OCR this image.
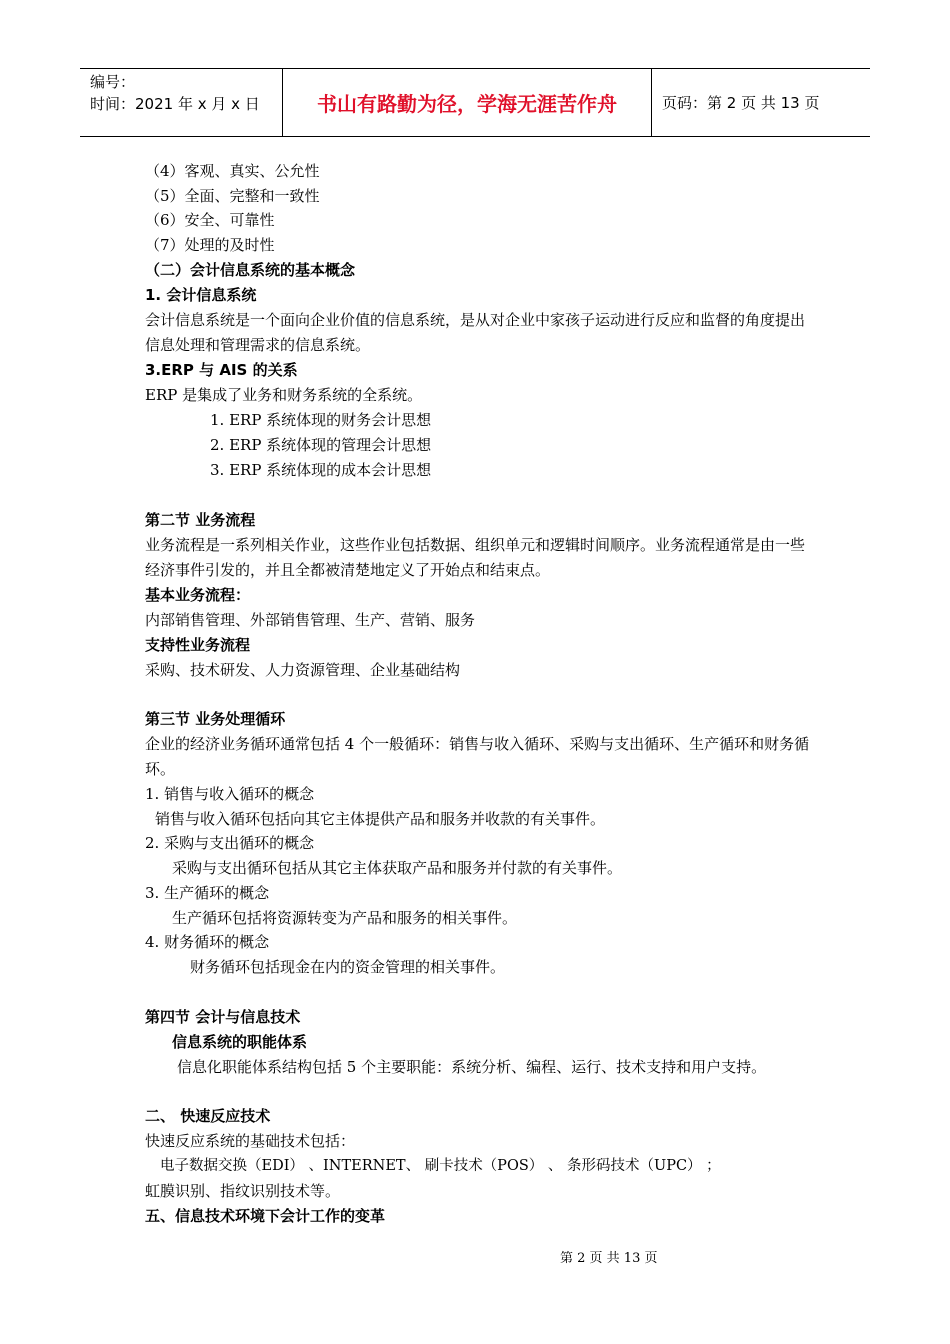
编号：
时间：2021 年 x 月 x 日	书山有路勤为径，学海无涯苦作舟	页码：第 2 页 共 13 页
（4）客观、真实、公允性
（5）全面、完整和一致性
（6）安全、可靠性
（7）处理的及时性
（二）会计信息系统的基本概念
1. 会计信息系统
会计信息系统是一个面向企业价值的信息系统，是从对企业中家孩子运动进行反应和监督的角度提出信息处理和管理需求的信息系统。
3.ERP 与 AIS 的关系
ERP 是集成了业务和财务系统的全系统。
1. ERP 系统体现的财务会计思想
2. ERP 系统体现的管理会计思想
3. ERP 系统体现的成本会计思想
第二节 业务流程
业务流程是一系列相关作业，这些作业包括数据、组织单元和逻辑时间顺序。业务流程通常是由一些经济事件引发的，并且全都被清楚地定义了开始点和结束点。
基本业务流程：
内部销售管理、外部销售管理、生产、营销、服务
支持性业务流程
采购、技术研发、人力资源管理、企业基础结构
第三节 业务处理循环
企业的经济业务循环通常包括 4 个一般循环：销售与收入循环、采购与支出循环、生产循环和财务循环。
1. 销售与收入循环的概念
销售与收入循环包括向其它主体提供产品和服务并收款的有关事件。
2. 采购与支出循环的概念
采购与支出循环包括从其它主体获取产品和服务并付款的有关事件。
3. 生产循环的概念
生产循环包括将资源转变为产品和服务的相关事件。
4. 财务循环的概念
财务循环包括现金在内的资金管理的相关事件。
第四节 会计与信息技术
信息系统的职能体系
信息化职能体系结构包括 5 个主要职能：系统分析、编程、运行、技术支持和用户支持。
二、 快速反应技术
快速反应系统的基础技术包括：
电子数据交换（EDI） 、INTERNET、 刷卡技术（POS） 、 条形码技术（UPC） ；
虹膜识别、指纹识别技术等。
五、信息技术环境下会计工作的变革
第 2 页 共 13 页
